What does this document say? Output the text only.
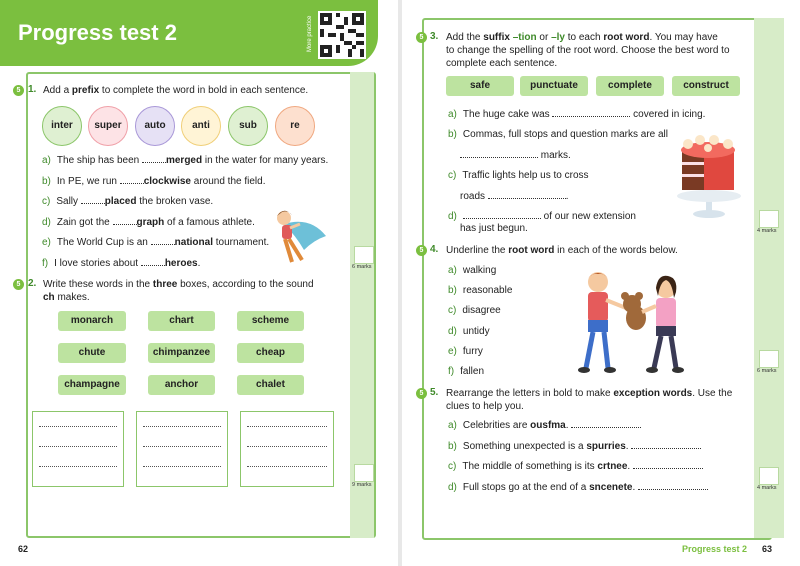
Progress test 2	More practice
5 1. Add a prefix to complete the word in bold in each sentence.
inter	super	auto	anti	sub	re
a) The ship has been merged in the water for many years.
b) In PE, we run clockwise around the field.
c) Sally placed the broken vase.
d) Zain got the graph of a famous athlete.
e) The World Cup is an national tournament.
f) I love stories about heroes.	6 marks
5 2. Write these words in the three boxes, according to the sound
ch makes.
monarch	chart	scheme
chute	chimpanzee	cheap
champagne	anchor	chalet
9 marks
62
5 3. Add the suffix –tion or –ly to each root word. You may have
to change the spelling of the root word. Choose the best word to
complete each sentence.
safe	punctuate	complete	construct
a) The huge cake was	covered in icing.
b) Commas, full stops and question marks are all
marks.
c) Traffic lights help us to cross
roads	.
d)	of our new extension
has just begun.	4 marks
5 4. Underline the root word in each of the words below.
a) walking
b) reasonable
c) disagree
d) untidy
e) furry
f) fallen	6 marks
5 5. Rearrange the letters in bold to make exception words. Use the
clues to help you.
a) Celebrities are ousfma.
b) Something unexpected is a spurries.
c) The middle of something is its crtnee.
d) Full stops go at the end of a sncenete.	4 marks
Progress test 2 63
